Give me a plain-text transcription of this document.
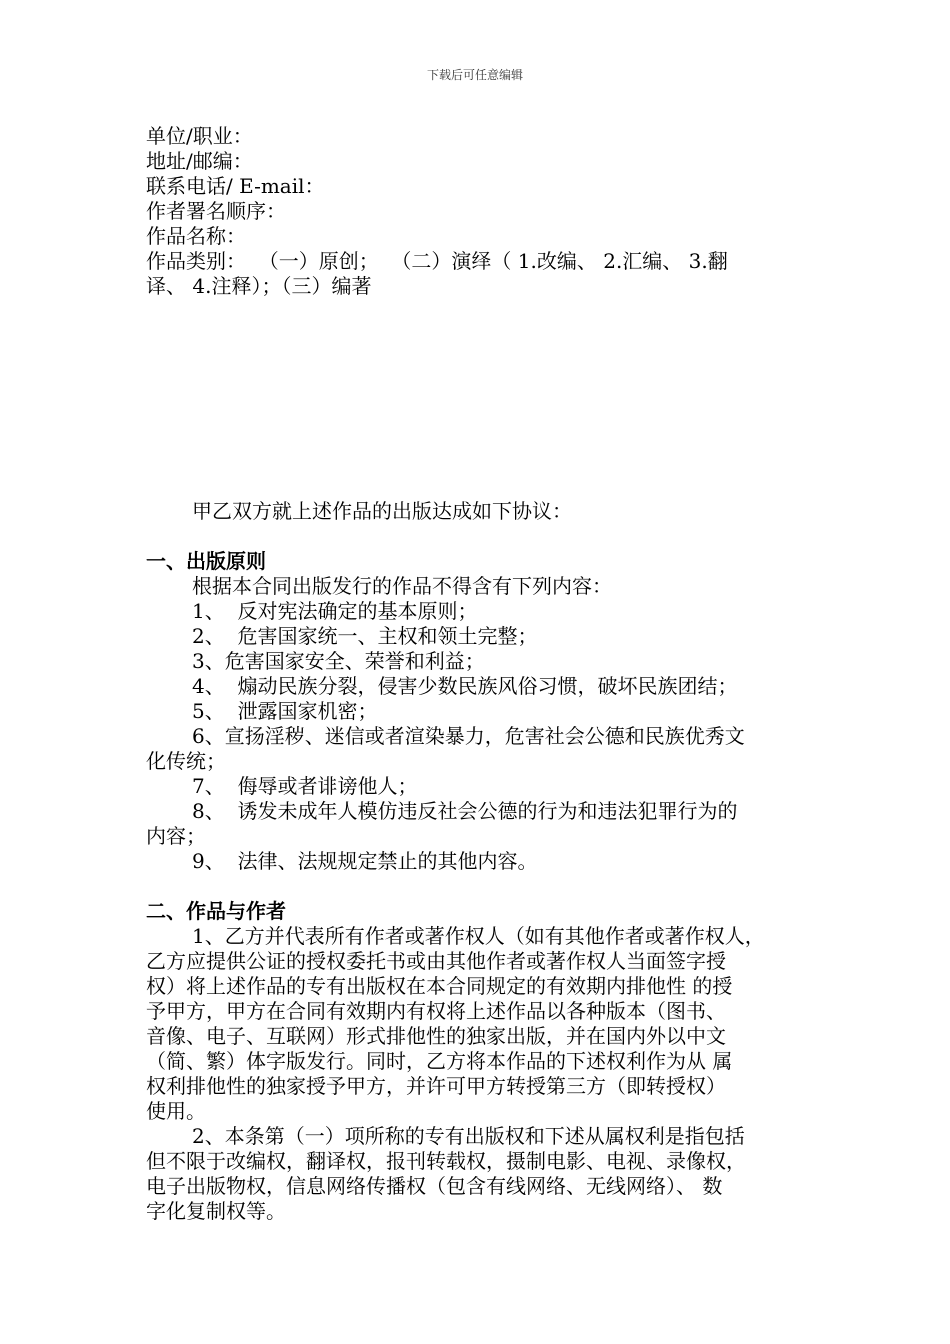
下载后可任意编辑
单位/职业：
地址/邮编：
联系电话/ E-mail：
作者署名顺序：
作品名称：
作品类别：  （一）原创；  （二）演绎（ 1.改编、 2.汇编、 3.翻
译、 4.注释）；（三）编著
甲乙双方就上述作品的出版达成如下协议：
一、出版原则
根据本合同出版发行的作品不得含有下列内容：
1、  反对宪法确定的基本原则；
2、  危害国家统一、主权和领土完整；
3、危害国家安全、荣誉和利益；
4、  煽动民族分裂，侵害少数民族风俗习惯，破坏民族团结；
5、  泄露国家机密；
6、宣扬淫秽、迷信或者渲染暴力，危害社会公德和民族优秀文
化传统；
7、  侮辱或者诽谤他人；
8、  诱发未成年人模仿违反社会公德的行为和违法犯罪行为的
内容；
9、  法律、法规规定禁止的其他内容。
二、作品与作者
1、乙方并代表所有作者或著作权人（如有其他作者或著作权人，
乙方应提供公证的授权委托书或由其他作者或著作权人当面签字授
权）将上述作品的专有出版权在本合同规定的有效期内排他性 的授
予甲方，甲方在合同有效期内有权将上述作品以各种版本（图书、
音像、电子、互联网）形式排他性的独家出版，并在国内外以中文
（简、繁）体字版发行。同时，乙方将本作品的下述权利作为从 属
权利排他性的独家授予甲方，并许可甲方转授第三方（即转授权）
使用。
2、本条第（一）项所称的专有出版权和下述从属权利是指包括
但不限于改编权，翻译权，报刊转载权，摄制电影、电视、录像权，
电子出版物权，信息网络传播权（包含有线网络、无线网络）、 数
字化复制权等。
